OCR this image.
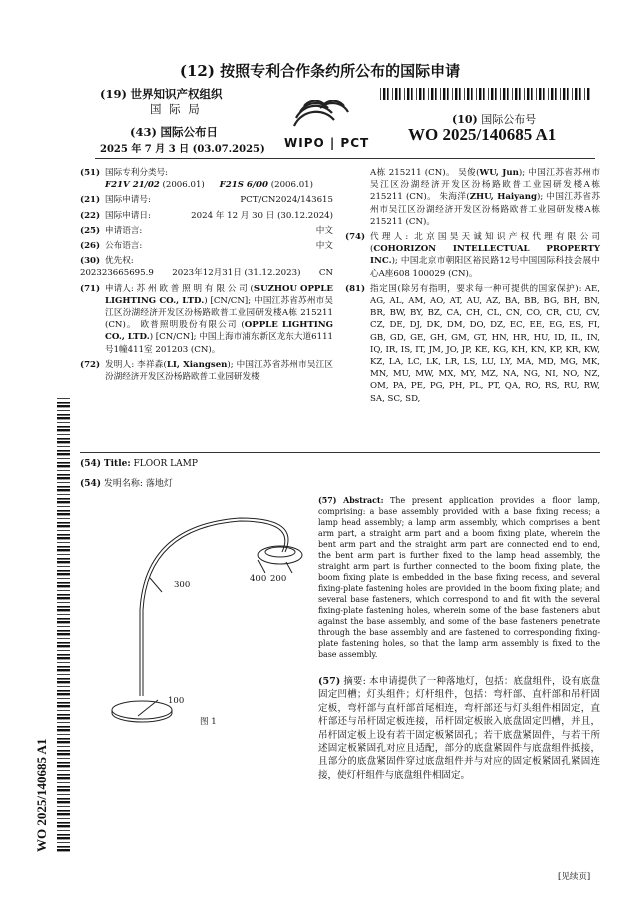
(12) 按照专利合作条约所公布的国际申请
(19) 世界知识产权组织
国 际 局
(43) 国际公布日
2025 年 7 月 3 日 (03.07.2025) WIPO | PCT
(10) 国际公布号
WO 2025/140685 A1
(51) 国际专利分类号:
F21V 21/02 (2006.01) F21S 6/00 (2006.01)
(21) 国际申请号:	PCT/CN2024/143615
(22) 国际申请日:	2024 年 12 月 30 日 (30.12.2024)
(25) 申请语言:	中文
(26) 公布语言:	中文
(30) 优先权:
202323665695.9 2023年12月31日 (31.12.2023) CN
(71) 申请人: 苏 州 欧 普 照 明 有 限 公 司 (SUZHOU OPPLE LIGHTING CO., LTD.) [CN/CN]; 中国江苏省苏州市吴江区汾湖经济开发区汾杨路欧普工业园研发楼A栋 215211 (CN)。 欧普照明股份有限公司 (OPPLE LIGHTING CO., LTD.) [CN/CN]; 中国上海市浦东新区龙东大道6111号1幢411室 201203 (CN)。
(72) 发明人: 李祥森(LI, Xiangsen); 中国江苏省苏州市吴江区汾湖经济开发区汾杨路欧普工业园研发楼
A栋 215211 (CN)。 吴俊(WU, Jun); 中国江苏省苏州市吴江区汾湖经济开发区汾杨路欧普工业园研发楼A栋 215211 (CN)。 朱海洋(ZHU, Haiyang); 中国江苏省苏州市吴江区汾湖经济开发区汾杨路欧普工业园研发楼A栋 215211 (CN)。
(74) 代理人: 北京国昊天诚知识产权代理有限公司 (COHORIZON INTELLECTUAL PROPERTY INC.); 中国北京市朝阳区裕民路12号中国国际科技会展中心A座608 100029 (CN)。
(81) 指定国(除另有指明，要求每一种可提供的国家保护): AE, AG, AL, AM, AO, AT, AU, AZ, BA, BB, BG, BH, BN, BR, BW, BY, BZ, CA, CH, CL, CN, CO, CR, CU, CV, CZ, DE, DJ, DK, DM, DO, DZ, EC, EE, EG, ES, FI, GB, GD, GE, GH, GM, GT, HN, HR, HU, ID, IL, IN, IQ, IR, IS, IT, JM, JO, JP, KE, KG, KH, KN, KP, KR, KW, KZ, LA, LC, LK, LR, LS, LU, LY, MA, MD, MG, MK, MN, MU, MW, MX, MY, MZ, NA, NG, NI, NO, NZ, OM, PA, PE, PG, PH, PL, PT, QA, RO, RS, RU, RW, SA, SC, SD,
(54) Title: FLOOR LAMP
(54) 发明名称: 落地灯
300
400 200
100
图 1
(57) Abstract: The present application provides a floor lamp, comprising: a base assembly provided with a base fixing recess; a lamp head assembly; a lamp arm assembly, which comprises a bent arm part, a straight arm part and a boom fixing plate, wherein the bent arm part and the straight arm part are connected end to end, the bent arm part is further fixed to the lamp head assembly, the straight arm part is further connected to the boom fixing plate, the boom fixing plate is embedded in the base fixing recess, and several fixing-plate fastening holes are provided in the boom fixing plate; and several base fasteners, which correspond to and fit with the several fixing-plate fastening holes, wherein some of the base fasteners abut against the base assembly, and some of the base fasteners penetrate through the base assembly and are fastened to corresponding fixing-plate fastening holes, so that the lamp arm assembly is fixed to the base assembly.
(57) 摘要: 本申请提供了一种落地灯，包括：底盘组件，设有底盘固定凹槽；灯头组件；灯杆组件，包括：弯杆部、直杆部和吊杆固定板，弯杆部与直杆部首尾相连，弯杆部还与灯头组件相固定，直杆部还与吊杆固定板连接，吊杆固定板嵌入底盘固定凹槽，并且，吊杆固定板上设有若干固定板紧固孔；若干底盘紧固件，与若干所述固定板紧固孔对应且适配，部分的底盘紧固件与底盘组件抵接，且部分的底盘紧固件穿过底盘组件并与对应的固定板紧固孔紧固连接，使灯杆组件与底盘组件相固定。
[见续页]
WO 2025/140685 A1
